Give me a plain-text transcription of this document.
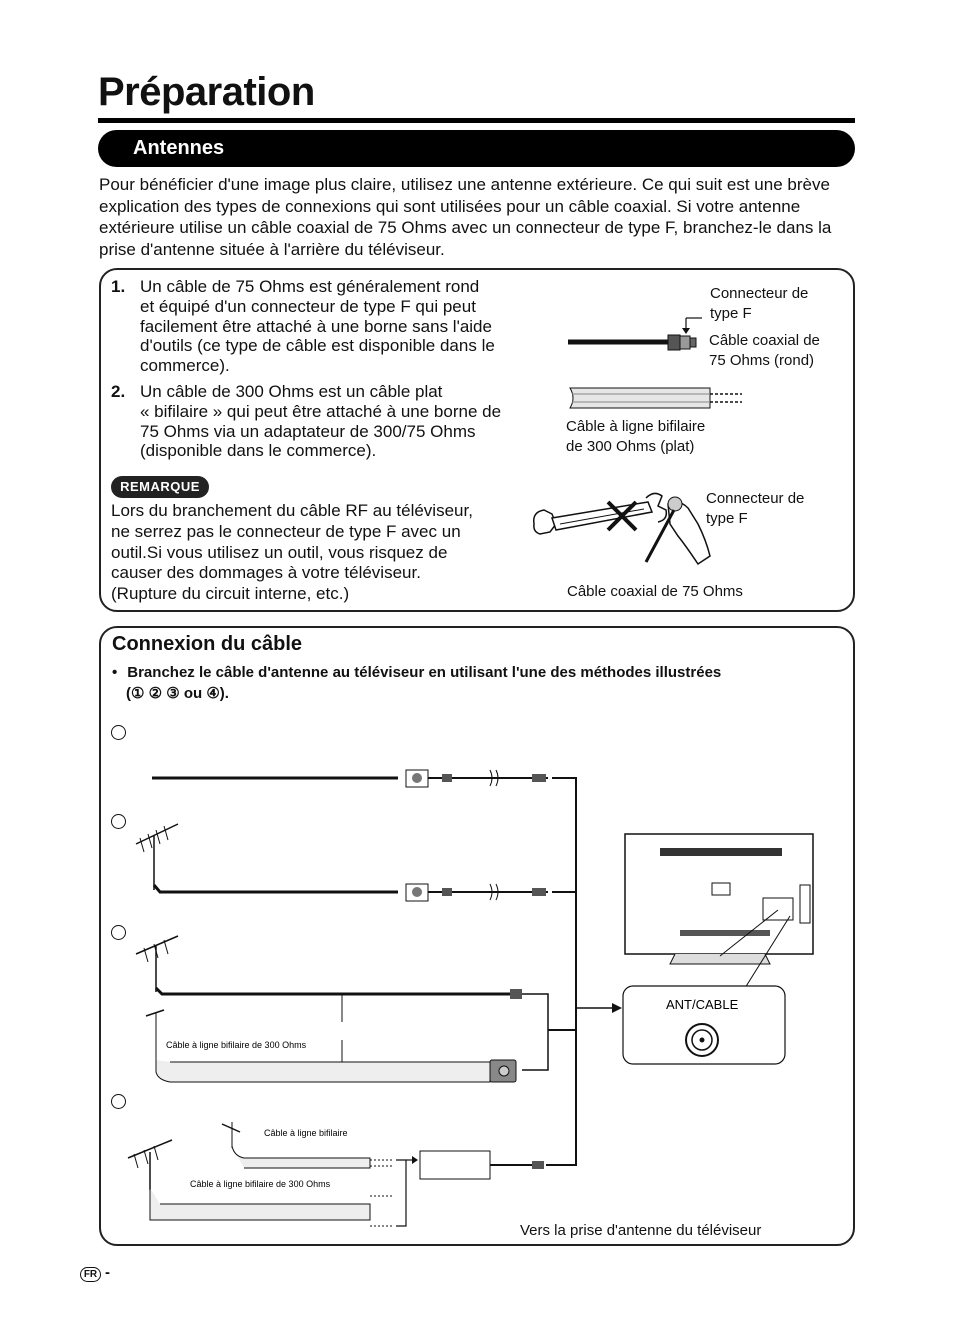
Préparation
Antennes
Pour bénéficier d'une image plus claire, utilisez une antenne extérieure. Ce qui suit est une brève explication des types de connexions qui sont utilisées pour un câble coaxial. Si votre antenne extérieure utilise un câble coaxial de 75 Ohms avec un connecteur de type F, branchez-le dans la prise d'antenne située à l'arrière du téléviseur.
1. Un câble de 75 Ohms est généralement rond
et équipé d'un connecteur de type F qui peut
facilement être attaché à une borne sans l'aide
d'outils (ce type de câble est disponible dans le
commerce).
2. Un câble de 300 Ohms est un câble plat
« bifilaire » qui peut être attaché à une borne de
75 Ohms via un adaptateur de 300/75 Ohms
(disponible dans le commerce).
REMARQUE
Lors du branchement du câble RF au téléviseur,
ne serrez pas le connecteur de type F avec un
outil.Si vous utilisez un outil, vous risquez de
causer des dommages à votre téléviseur.
(Rupture du circuit interne, etc.)
Connecteur de
type F
Câble coaxial de
75 Ohms (rond)
Câble à ligne bifilaire
de 300 Ohms (plat)
Connecteur de
type F
Câble coaxial de 75 Ohms
Connexion du câble
• Branchez le câble d'antenne au téléviseur en utilisant l'une des méthodes illustrées
(① ② ③ ou ④).
Câble à ligne bifilaire de 300 Ohms
Câble à ligne bifilaire
Câble à ligne bifilaire de 300 Ohms
ANT/CABLE
Vers la prise d'antenne du téléviseur
FR -
